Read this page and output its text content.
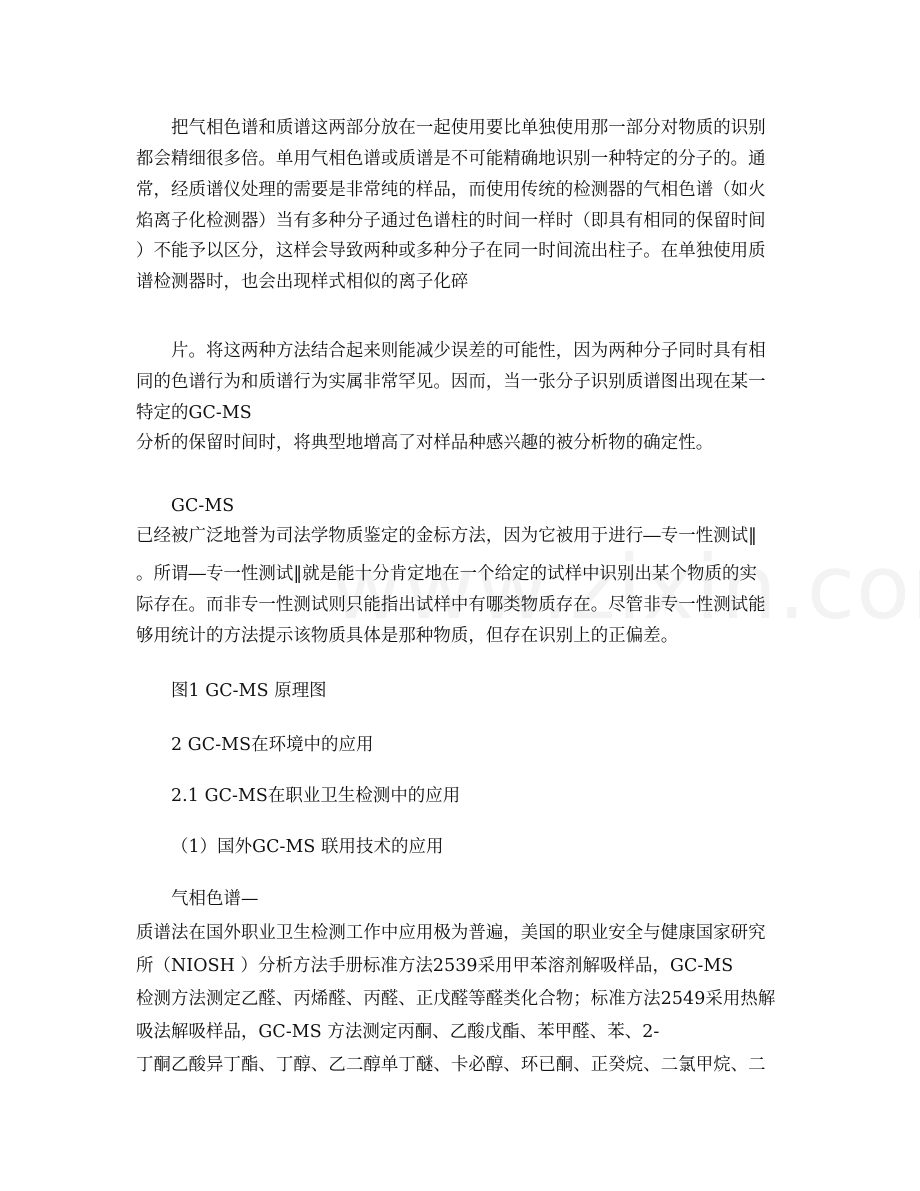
把气相色谱和质谱这两部分放在一起使用要比单独使用那一部分对物质的识别
都会精细很多倍。单用气相色谱或质谱是不可能精确地识别一种特定的分子的。通
常，经质谱仪处理的需要是非常纯的样品，而使用传统的检测器的气相色谱（如火
焰离子化检测器）当有多种分子通过色谱柱的时间一样时（即具有相同的保留时间
）不能予以区分，这样会导致两种或多种分子在同一时间流出柱子。在单独使用质
谱检测器时，也会出现样式相似的离子化碎
片。将这两种方法结合起来则能减少误差的可能性，因为两种分子同时具有相
同的色谱行为和质谱行为实属非常罕见。因而，当一张分子识别质谱图出现在某一
特定的GC-MS
分析的保留时间时，将典型地增高了对样品种感兴趣的被分析物的确定性。
GC-MS
已经被广泛地誉为司法学物质鉴定的金标方法，因为它被用于进行―专一性测试‖
。所谓―专一性测试‖就是能十分肯定地在一个给定的试样中识别出某个物质的实
际存在。而非专一性测试则只能指出试样中有哪类物质存在。尽管非专一性测试能
够用统计的方法提示该物质具体是那种物质，但存在识别上的正偏差。
图1 GC-MS 原理图
2 GC-MS在环境中的应用
2.1 GC-MS在职业卫生检测中的应用
（1）国外GC-MS 联用技术的应用
气相色谱—
质谱法在国外职业卫生检测工作中应用极为普遍，美国的职业安全与健康国家研究
所（NIOSH ）分析方法手册标准方法2539采用甲苯溶剂解吸样品，GC-MS
检测方法测定乙醛、丙烯醛、丙醛、正戊醛等醛类化合物；标准方法2549采用热解
吸法解吸样品，GC-MS 方法测定丙酮、乙酸戊酯、苯甲醛、苯、2-
丁酮乙酸异丁酯、丁醇、乙二醇单丁醚、卡必醇、环已酮、正癸烷、二氯甲烷、二
